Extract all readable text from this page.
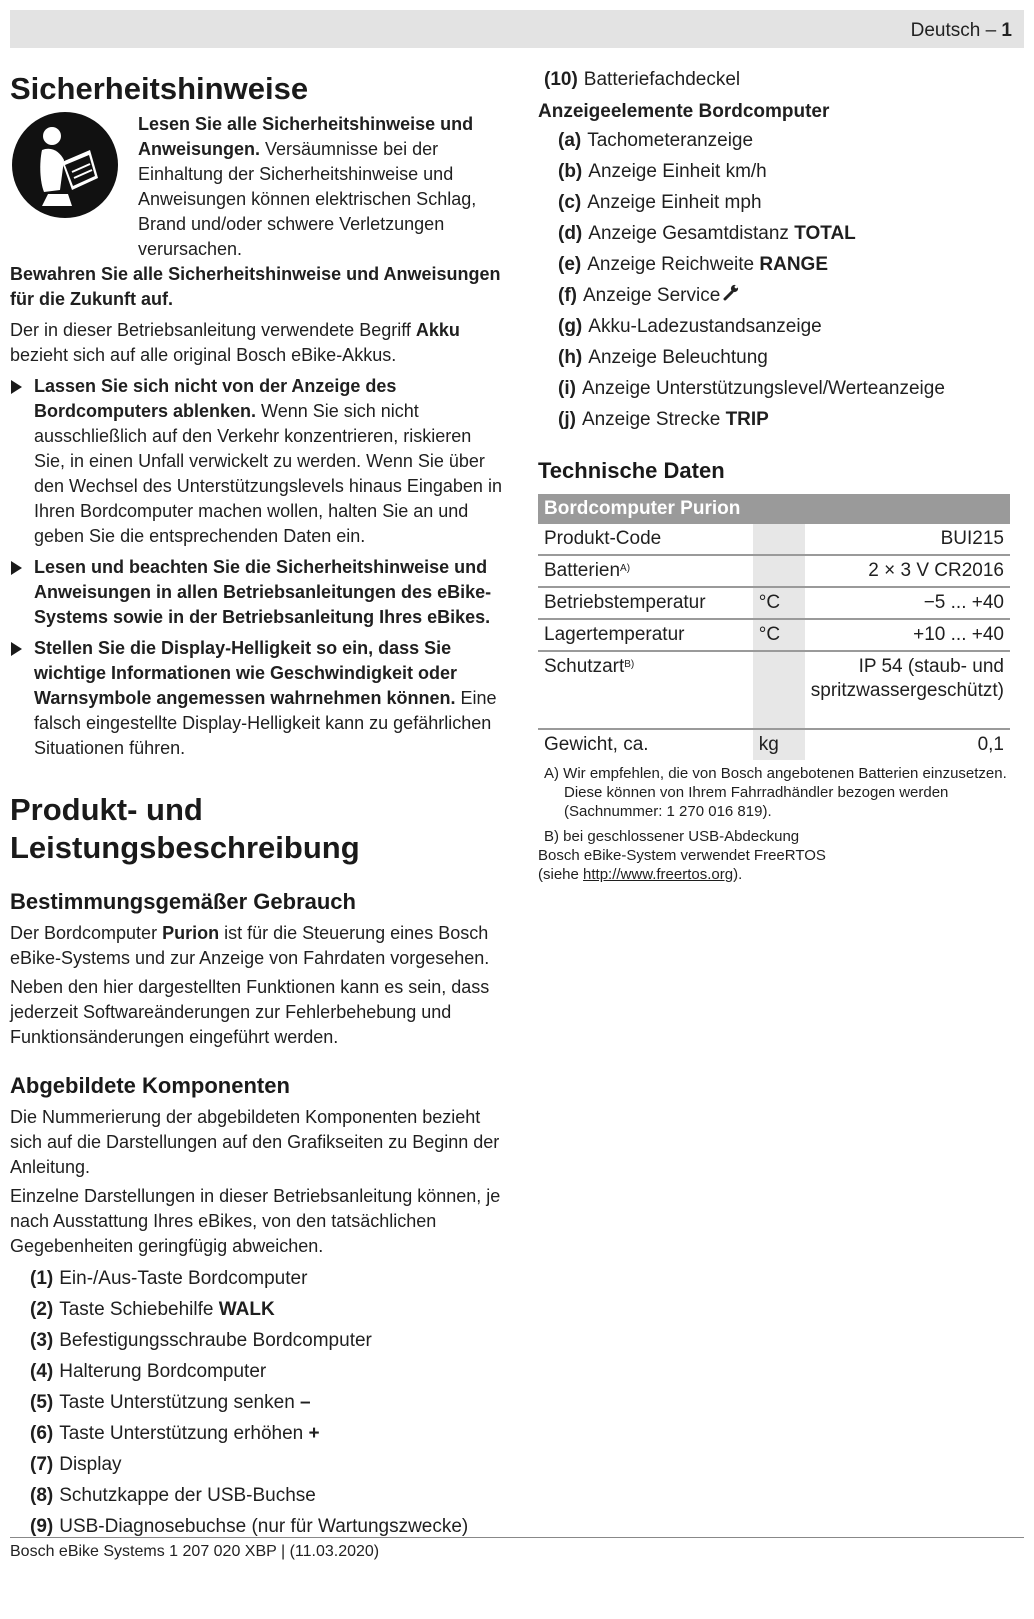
Deutsch – 1
Sicherheitshinweise

Lesen Sie alle Sicherheitshinweise und Anweisungen. Versäumnisse bei der Einhaltung der Sicherheitshinweise und Anweisungen können elektrischen Schlag, Brand und/oder schwere Verletzungen verursachen.

Bewahren Sie alle Sicherheitshinweise und Anweisungen für die Zukunft auf.

Der in dieser Betriebsanleitung verwendete Begriff Akku bezieht sich auf alle original Bosch eBike-Akkus.

Lassen Sie sich nicht von der Anzeige des Bordcomputers ablenken. Wenn Sie sich nicht ausschließlich auf den Verkehr konzentrieren, riskieren Sie, in einen Unfall verwickelt zu werden. Wenn Sie über den Wechsel des Unterstützungslevels hinaus Eingaben in Ihren Bordcomputer machen wollen, halten Sie an und geben Sie die entsprechenden Daten ein.

Lesen und beachten Sie die Sicherheitshinweise und Anweisungen in allen Betriebsanleitungen des eBike-Systems sowie in der Betriebsanleitung Ihres eBikes.

Stellen Sie die Display-Helligkeit so ein, dass Sie wichtige Informationen wie Geschwindigkeit oder Warnsymbole angemessen wahrnehmen können. Eine falsch eingestellte Display-Helligkeit kann zu gefährlichen Situationen führen.

Produkt- und
Leistungsbeschreibung
Bestimmungsgemäßer Gebrauch

Der Bordcomputer Purion ist für die Steuerung eines Bosch eBike-Systems und zur Anzeige von Fahrdaten vorgesehen.

Neben den hier dargestellten Funktionen kann es sein, dass jederzeit Softwareänderungen zur Fehlerbehebung und Funktionsänderungen eingeführt werden.

Abgebildete Komponenten

Die Nummerierung der abgebildeten Komponenten bezieht sich auf die Darstellungen auf den Grafikseiten zu Beginn der Anleitung.

Einzelne Darstellungen in dieser Betriebsanleitung können, je nach Ausstattung Ihres eBikes, von den tatsächlichen Gegebenheiten geringfügig abweichen.

(1) Ein-/Aus-Taste Bordcomputer
(2) Taste Schiebehilfe WALK
(3) Befestigungsschraube Bordcomputer
(4) Halterung Bordcomputer
(5) Taste Unterstützung senken –
(6) Taste Unterstützung erhöhen +
(7) Display
(8) Schutzkappe der USB-Buchse
(9) USB-Diagnosebuchse (nur für Wartungszwecke)
(10) Batteriefachdeckel
Anzeigeelemente Bordcomputer
(a) Tachometeranzeige
(b) Anzeige Einheit km/h
(c) Anzeige Einheit mph
(d) Anzeige Gesamtdistanz TOTAL
(e) Anzeige Reichweite RANGE
(f) Anzeige Service
(g) Akku-Ladezustandsanzeige
(h) Anzeige Beleuchtung
(i) Anzeige Unterstützungslevel/Werteanzeige
(j) Anzeige Strecke TRIP
Technische Daten
Bordcomputer Purion		
Produkt-Code		BUI215
Batterien$^{A)}$		2 × 3 V CR2016
Betriebstemperatur	°C	−5 ... +40
Lagertemperatur	°C	+10 ... +40
Schutzart$^{B)}$		IP 54 (staub- und spritzwassergeschützt)
Gewicht, ca.	kg	0,1
A) Wir empfehlen, die von Bosch angebotenen Batterien einzusetzen. Diese können von Ihrem Fahrradhändler bezogen werden (Sachnummer: 1 270 016 819).
B) bei geschlossener USB-Abdeckung
Bosch eBike-System verwendet FreeRTOS
(siehe http://www.freertos.org).
Bosch eBike Systems 1 207 020 XBP | (11.03.2020)
